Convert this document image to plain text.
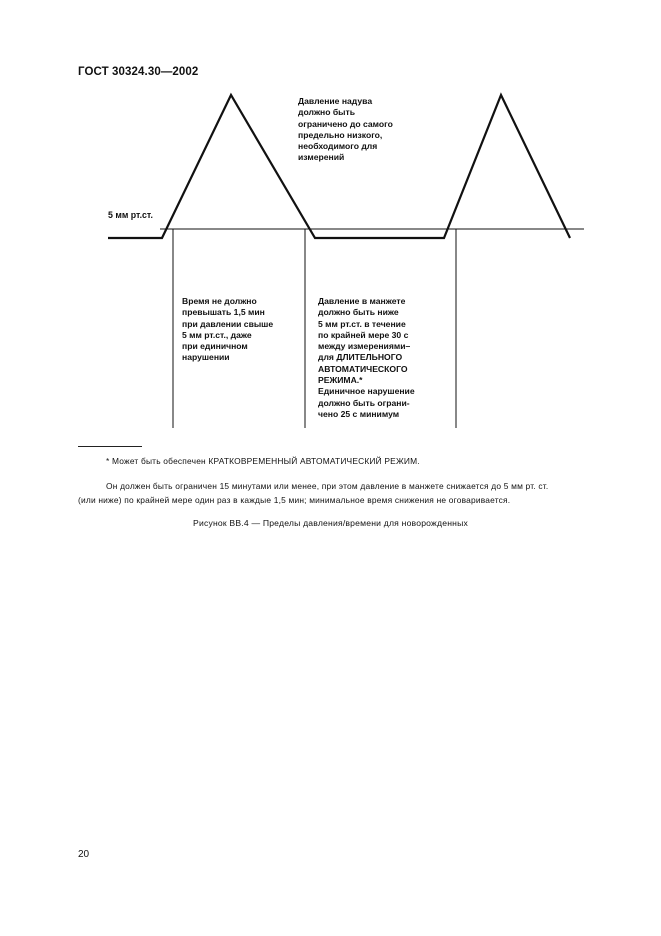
ГОСТ 30324.30—2002
5 мм рт.ст.
Давление надува
должно быть
ограничено до самого
предельно низкого,
необходимого для
измерений
Время не должно
превышать 1,5 мин
при давлении свыше
5 мм рт.ст., даже
при единичном
нарушении
Давление в манжете
должно быть ниже
5 мм рт.ст. в течение
по крайней мере 30 с
между измерениями–
для ДЛИТЕЛЬНОГО
АВТОМАТИЧЕСКОГО
РЕЖИМА.*
Единичное нарушение
должно быть ограни-
чено 25 с минимум
* Может быть обеспечен КРАТКОВРЕМЕННЫЙ АВТОМАТИЧЕСКИЙ РЕЖИМ.
Он должен быть ограничен 15 минутами или менее, при этом давление в манжете снижается до 5 мм рт. ст.
(или ниже) по крайней мере один раз в каждые 1,5 мин; минимальное время снижения не оговаривается.
Рисунок ВВ.4 — Пределы давления/времени для новорожденных
20
